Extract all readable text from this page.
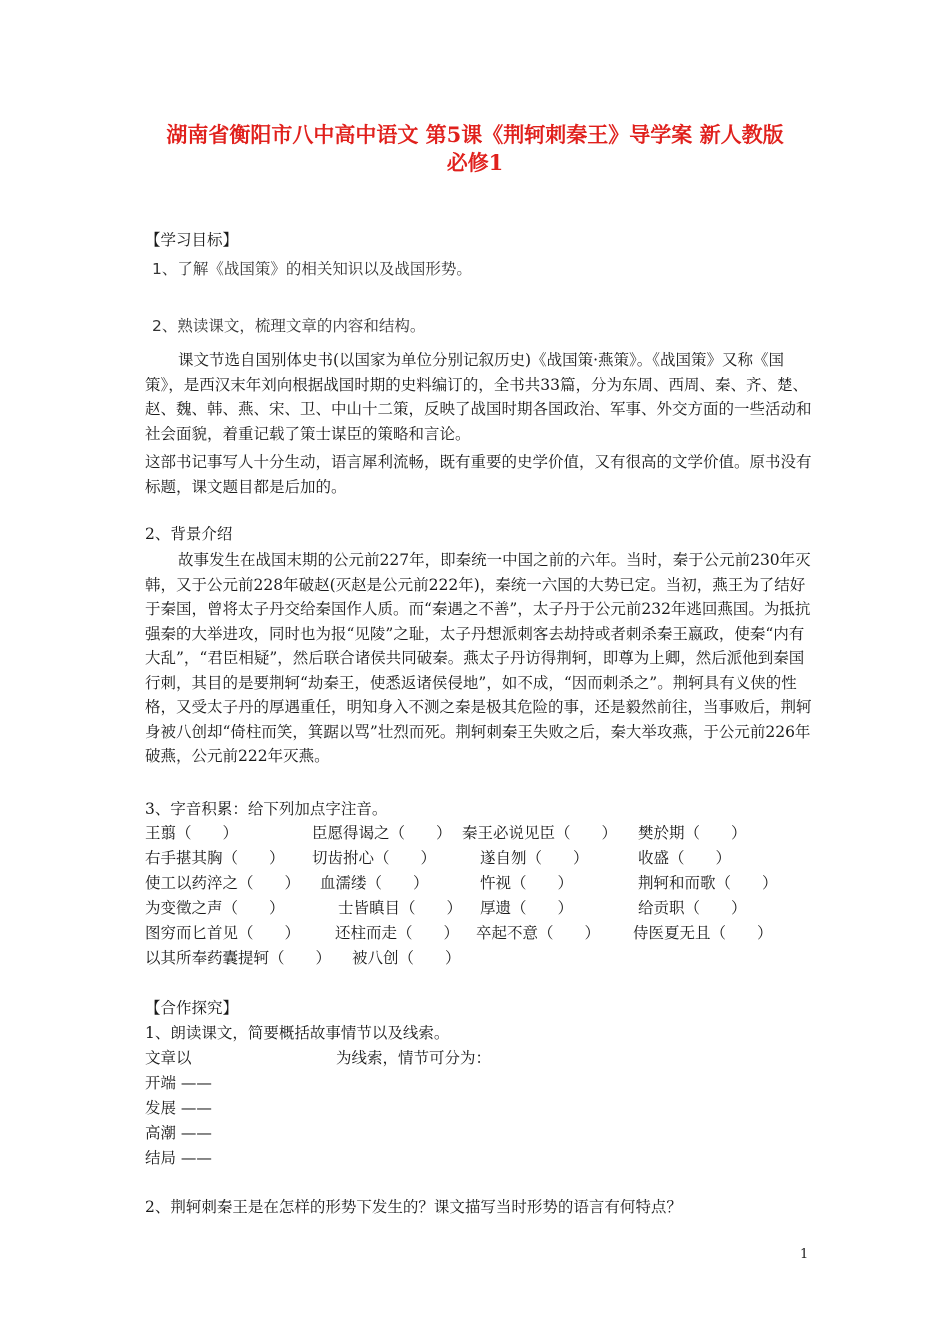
湖南省衡阳市八中高中语文 第5课《荆轲刺秦王》导学案 新人教版
必修1
【学习目标】
1、了解《战国策》的相关知识以及战国形势。
2、熟读课文，梳理文章的内容和结构。
课文节选自国别体史书(以国家为单位分别记叙历史)《战国策·燕策》。《战国策》又称《国策》，是西汉末年刘向根据战国时期的史料编订的，全书共33篇，分为东周、西周、秦、齐、楚、赵、魏、韩、燕、宋、卫、中山十二策，反映了战国时期各国政治、军事、外交方面的一些活动和社会面貌，着重记载了策士谋臣的策略和言论。
这部书记事写人十分生动，语言犀利流畅，既有重要的史学价值，又有很高的文学价值。原书没有标题，课文题目都是后加的。
2、背景介绍
故事发生在战国末期的公元前227年，即秦统一中国之前的六年。当时，秦于公元前230年灭韩，又于公元前228年破赵(灭赵是公元前222年)，秦统一六国的大势已定。当初，燕王为了结好于秦国，曾将太子丹交给秦国作人质。而“秦遇之不善”，太子丹于公元前232年逃回燕国。为抵抗强秦的大举进攻，同时也为报“见陵”之耻，太子丹想派刺客去劫持或者刺杀秦王嬴政，使秦“内有大乱”，“君臣相疑”，然后联合诸侯共同破秦。燕太子丹访得荆轲，即尊为上卿，然后派他到秦国行刺，其目的是要荆轲“劫秦王，使悉返诸侯侵地”，如不成，“因而刺杀之”。荆轲具有义侠的性格，又受太子丹的厚遇重任，明知身入不测之秦是极其危险的事，还是毅然前往，当事败后，荆轲身被八创却“倚柱而笑，箕踞以骂”壮烈而死。荆轲刺秦王失败之后，秦大举攻燕，于公元前226年破燕，公元前222年灭燕。
3、字音积累：给下列加点字注音。
王翦（　　）	臣愿得谒之（　　） 秦王必说见臣（　　） 樊於期（　　）
右手揕其胸（　　） 切齿拊心（　　）	遂自刎（　　）	收盛（　　）
使工以药淬之（　　） 血濡缕（　　）	忤视（　　）	荆轲和而歌（　　）
为变徵之声（　　）	士皆瞋目（　　） 厚遗（　　）	给贡职（　　）
图穷而匕首见（　　） 还柱而走（　　） 卒起不意（　　） 侍医夏无且（　　）
以其所奉药囊提轲（　　） 被八创（　　）
【合作探究】
1、朗读课文，简要概括故事情节以及线索。
文章以	为线索，情节可分为：
开端 ——
发展 ——
高潮 ——
结局 ——
2、荆轲刺秦王是在怎样的形势下发生的？课文描写当时形势的语言有何特点？
1
